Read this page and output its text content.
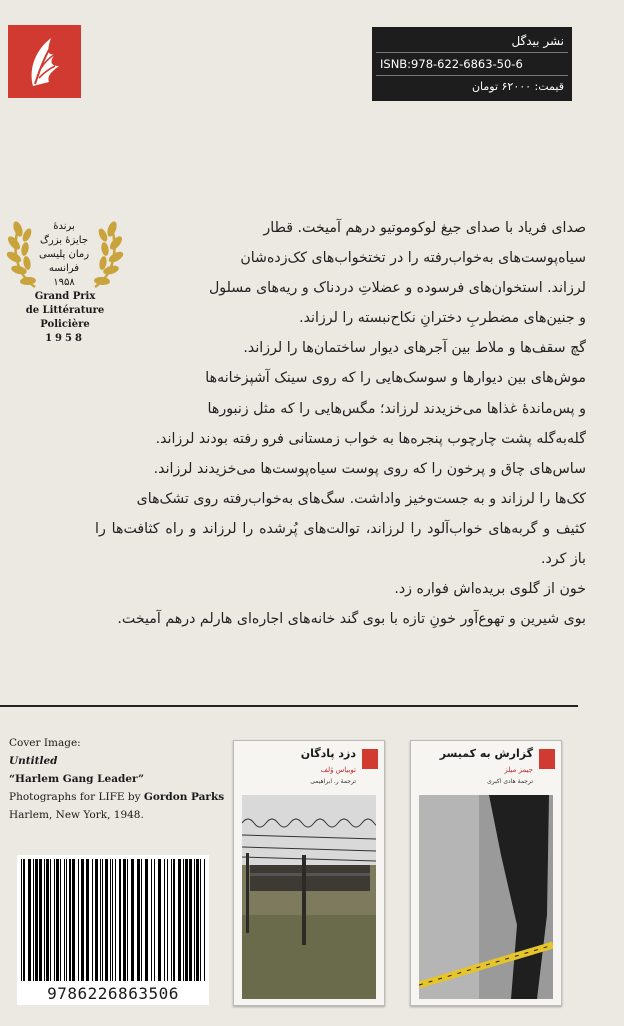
نشر بیدگل
ISNB:978-622-6863-50-6
قیمت: ۶۲۰۰۰ تومان
برندهٔ
جایزهٔ بزرگ
رمان پلیسی
فرانسه ۱۹۵۸
Grand Prix
de Littérature Policière
1958

صدای فریاد با صدای جیغ لوکوموتیو درهم آمیخت. قطار

سیاه‌پوست‌های به‌خواب‌رفته را در تختخواب‌های کک‌زده‌شان

لرزاند. استخوان‌های فرسوده و عضلاتِ دردناک و ریه‌های مسلول

و جنین‌های مضطربِ دخترانِ نکاح‌نبسته را لرزاند.

گچ سقف‌ها و ملاط بین آجرهای دیوار ساختمان‌ها را لرزاند.

موش‌های بین دیوارها و سوسک‌هایی را که روی سینک آشپزخانه‌ها

و پس‌ماندهٔ غذاها می‌خزیدند لرزاند؛ مگس‌هایی را که مثل زنبورها

گله‌به‌گله پشت چارچوب پنجره‌ها به خواب زمستانی فرو رفته بودند لرزاند.

ساس‌های چاق و پرخون را که روی پوست سیاه‌پوست‌ها می‌خزیدند لرزاند.

کک‌ها را لرزاند و به جست‌وخیز واداشت. سگ‌های به‌خواب‌رفته روی تشک‌های

کثیف و گربه‌های خواب‌آلود را لرزاند، توالت‌های پُرشده را لرزاند و راه کثافت‌ها را باز کرد.

خون از گلوی بریده‌اش فواره زد.

بوی شیرین و تهوع‌آور خونِ تازه با بوی گند خانه‌های اجاره‌ای هارلم درهم آمیخت.

Cover Image:
Untitled
“Harlem Gang Leader”
Photographs for LIFE by Gordon Parks
Harlem, New York, 1948.
9786226863506
دزد پادگان
توبیاس وُلف
ترجمهٔ ر. ابراهیمی
گزارش به کمیسر
جیمز میلز
ترجمهٔ هادی اکبری
